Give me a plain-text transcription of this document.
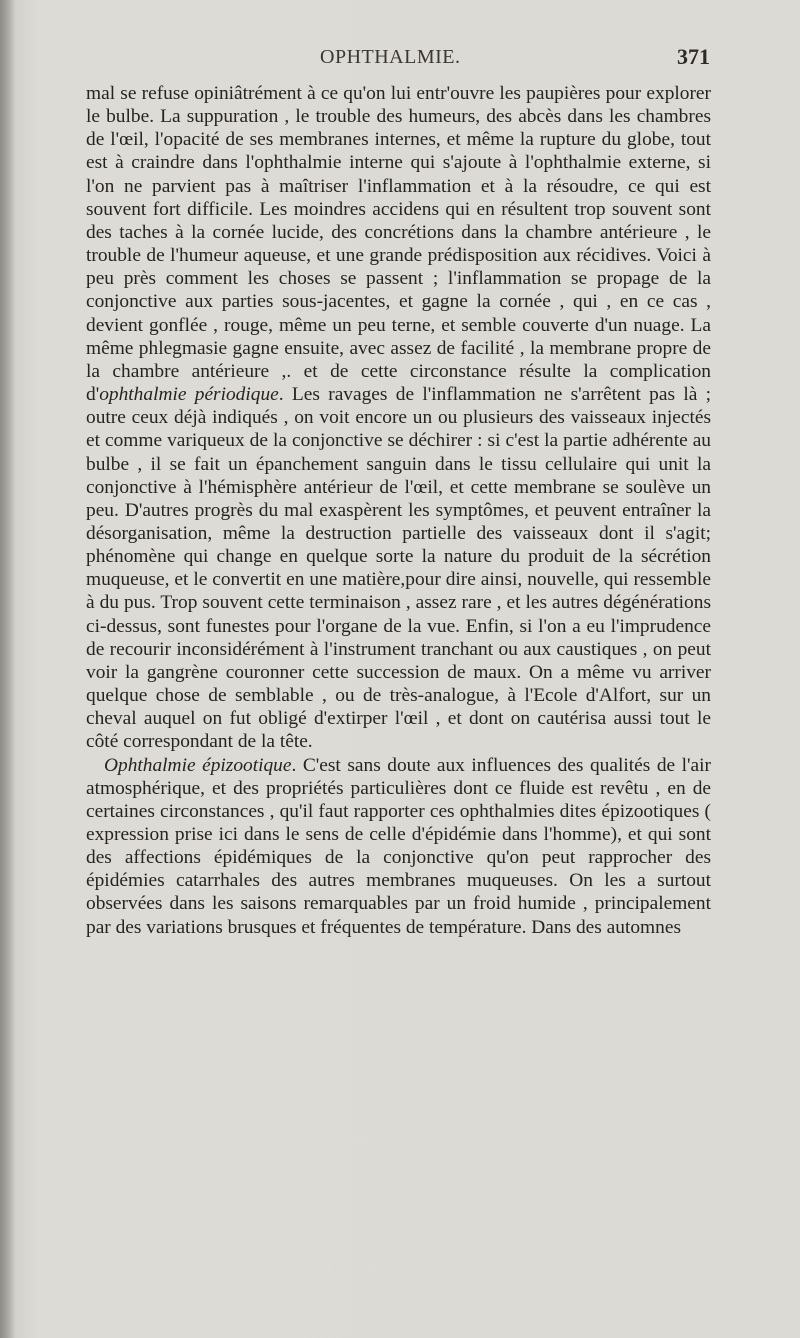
OPHTHALMIE.	371

mal se refuse opiniâtrément à ce qu'on lui entr'ouvre les paupières pour explorer le bulbe. La suppuration , le trouble des humeurs, des abcès dans les chambres de l'œil, l'opacité de ses membranes internes, et même la rupture du globe, tout est à craindre dans l'ophthalmie interne qui s'ajoute à l'ophthalmie externe, si l'on ne parvient pas à maîtriser l'inflammation et à la résoudre, ce qui est souvent fort difficile. Les moindres accidens qui en résultent trop souvent sont des taches à la cornée lucide, des concrétions dans la chambre antérieure , le trouble de l'humeur aqueuse, et une grande prédisposition aux récidives. Voici à peu près comment les choses se passent ; l'inflammation se propage de la conjonctive aux parties sous-jacentes, et gagne la cornée , qui , en ce cas , devient gonflée , rouge, même un peu terne, et semble couverte d'un nuage. La même phlegmasie gagne ensuite, avec assez de facilité , la membrane propre de la chambre antérieure ,. et de cette circonstance résulte la complication d'ophthalmie périodique. Les ravages de l'inflammation ne s'arrêtent pas là ; outre ceux déjà indiqués , on voit encore un ou plusieurs des vaisseaux injectés et comme variqueux de la conjonctive se déchirer : si c'est la partie adhérente au bulbe , il se fait un épanchement sanguin dans le tissu cellulaire qui unit la conjonctive à l'hémisphère antérieur de l'œil, et cette membrane se soulève un peu. D'autres progrès du mal exaspèrent les symptômes, et peuvent entraîner la désorganisation, même la destruction partielle des vaisseaux dont il s'agit; phénomène qui change en quelque sorte la nature du produit de la sécrétion muqueuse, et le convertit en une matière,pour dire ainsi, nouvelle, qui ressemble à du pus. Trop souvent cette terminaison , assez rare , et les autres dégénérations ci-dessus, sont funestes pour l'organe de la vue. Enfin, si l'on a eu l'imprudence de recourir inconsidérément à l'instrument tranchant ou aux caustiques , on peut voir la gangrène couronner cette succession de maux. On a même vu arriver quelque chose de semblable , ou de très-analogue, à l'Ecole d'Alfort, sur un cheval auquel on fut obligé d'extirper l'œil , et dont on cautérisa aussi tout le côté correspondant de la tête.

Ophthalmie épizootique. C'est sans doute aux influences des qualités de l'air atmosphérique, et des propriétés particulières dont ce fluide est revêtu , en de certaines circonstances , qu'il faut rapporter ces ophthalmies dites épizootiques ( expression prise ici dans le sens de celle d'épidémie dans l'homme), et qui sont des affections épidémiques de la conjonctive qu'on peut rapprocher des épidémies catarrhales des autres membranes muqueuses. On les a surtout observées dans les saisons remarquables par un froid humide , principalement par des variations brusques et fréquentes de température. Dans des automnes
